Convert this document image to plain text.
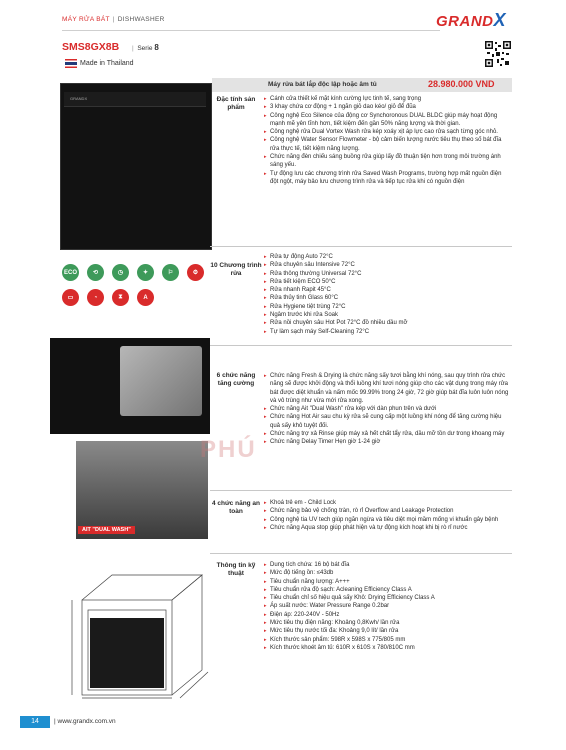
MÁY RỬA BÁT | DISHWASHER	GRANDX
SMS8GX8B |  Serie 8
Made in Thailand
GRANDX
ECO	⟲	◷	✦	⚐	⚙
▭	◔	⧗	A
AIT "DUAL WASH"
PHÚ
Máy rửa bát lắp độc lập hoặc âm tủ	28.980.000 VND
Đặc tính sản phẩm
▸ Cánh cửa thiết kế mặt kính cường lực tinh tế, sang trọng
▸ 3 khay chứa cơ động + 1 ngăn giỏ dao kéo/ giỏ để đũa
▸ Công nghệ Eco Silence của động cơ Synchoronous DUAL BLDC giúp máy hoạt động mạnh mẽ yên tĩnh hơn, tiết kiệm đến gần 50% năng lượng và thời gian.
▸ Công nghệ rửa Dual Vortex Wash rửa kép xoáy xịt áp lực cao rửa sạch từng góc nhỏ.
▸ Công nghệ Water Sensor Flowmeter - bộ cảm biến lượng nước tiêu thụ theo số bát đĩa rửa thực tế, tiết kiệm năng lượng.
▸ Chức năng đèn chiếu sáng buồng rửa giúp lấy đồ thuận tiện hơn trong môi trường ánh sáng yếu.
▸ Tự động lưu các chương trình rửa Saved Wash Programs, trường hợp mất nguồn điện đột ngột, máy bảo lưu chương trình rửa và tiếp tục rửa khi có nguồn điện
10 Chương trình rửa
▸ Rửa tự động Auto 72°C
▸ Rửa chuyên sâu Intensive 72°C
▸ Rửa thông thường Universal 72°C
▸ Rửa tiết kiệm ECO 50°C
▸ Rửa nhanh Rapit 45°C
▸ Rửa thủy tinh Glass 60°C
▸ Rửa Hygiene tiệt trùng 72°C
▸ Ngâm trước khi rửa Soak
▸ Rửa nồi chuyên sâu Hot Pot 72°C đồ nhiều dầu mỡ
▸ Tự làm sạch máy Self-Cleaning 72°C
6 chức năng tăng cường
▸ Chức năng Fresh & Drying là chức năng sấy tươi bằng khí nóng, sau quy trình rửa chức năng sẽ được khởi động và thổi luồng khí tươi nóng giúp cho các vật dụng trong máy rửa bát được diệt khuẩn và nấm mốc 99.99% trong 24 giờ, 72 giờ giúp bát đĩa luôn luôn nóng và vô trùng như vừa mới rửa xong.
▸ Chức năng Ait "Dual Wash" rửa kép với dàn phun trên và dưới
▸ Chức năng Hot Air sau chu kỳ rửa sẽ cung cấp một luồng khí nóng để tăng cường hiệu quả sấy khô tuyệt đối.
▸ Chức năng trợ xả Rinse giúp máy xả hết chất tẩy rửa, dầu mỡ tồn dư trong khoang máy
▸ Chức năng Delay Timer Hẹn giờ 1-24 giờ
4 chức năng an toàn
▸ Khoá trẻ em - Child Lock
▸ Chức năng bảo vệ chống tràn, rò rỉ Overflow and Leakage Protection
▸ Công nghệ tia UV tech giúp ngăn ngừa và tiêu diệt mọi mầm mống vi khuẩn gây bệnh
▸ Chức năng Aqua stop giúp phát hiện và tự động kích hoạt khi bị rò rỉ nước
Thông tin kỹ thuật
▸ Dung tích chứa: 16 bộ bát đĩa
▸ Mức độ tiếng ồn: ≤43db
▸ Tiêu chuẩn năng lượng: A+++
▸ Tiêu chuẩn rửa độ sạch: Acleaning Efficiency Class A
▸ Tiêu chuẩn chỉ số hiệu quả sấy Khô: Drying Efficiency Class A
▸ Áp suất nước: Water Pressure Range 0.2bar
▸ Điện áp: 220-240V - 50Hz
▸ Mức tiêu thụ điện năng: Khoảng 0,8Kwh/ lần rửa
▸ Mức tiêu thụ nước tối đa: Khoảng 9,0 lít/ lần rửa
▸ Kích thước sản phẩm: 598R x 598S x 775/805 mm
▸ Kích thước khoét âm tủ: 610R x 610S x 780/810C mm
14	| www.grandx.com.vn
